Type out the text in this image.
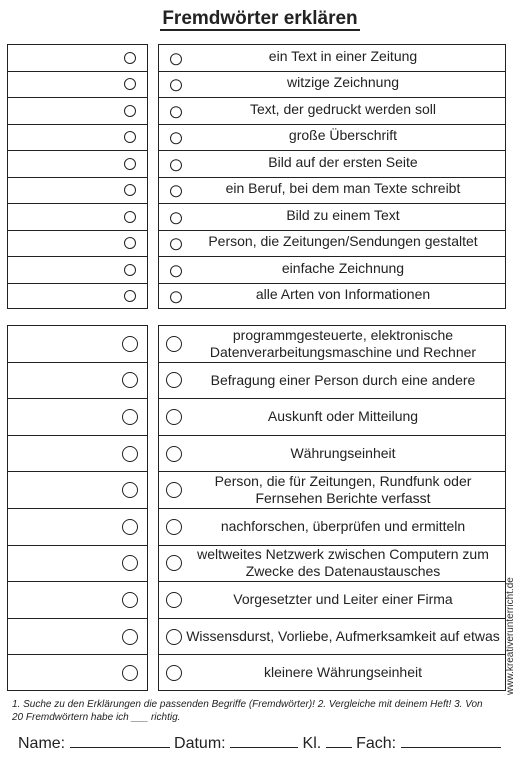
Fremdwörter erklären
ein Text in einer Zeitung
witzige Zeichnung
Text, der gedruckt werden soll
große Überschrift
Bild auf der ersten Seite
ein Beruf, bei dem man Texte schreibt
Bild zu einem Text
Person, die Zeitungen/Sendungen gestaltet
einfache Zeichnung
alle Arten von Informationen
programmgesteuerte, elektronische Datenverarbeitungsmaschine und Rechner
Befragung einer Person durch eine andere
Auskunft oder Mitteilung
Währungseinheit
Person, die für Zeitungen, Rundfunk oder Fernsehen Berichte verfasst
nachforschen, überprüfen und ermitteln
weltweites Netzwerk zwischen Computern zum Zwecke des Datenaustausches
Vorgesetzter und Leiter einer Firma
Wissensdurst, Vorliebe, Aufmerksamkeit auf etwas
kleinere Währungseinheit	www.kreativerunterricht.de
1. Suche zu den Erklärungen die passenden Begriffe (Fremdwörter)! 2. Vergleiche mit deinem Heft! 3. Von 20 Fremdwörtern habe ich ___ richtig.
Name:	Datum:	Kl. Fach:
